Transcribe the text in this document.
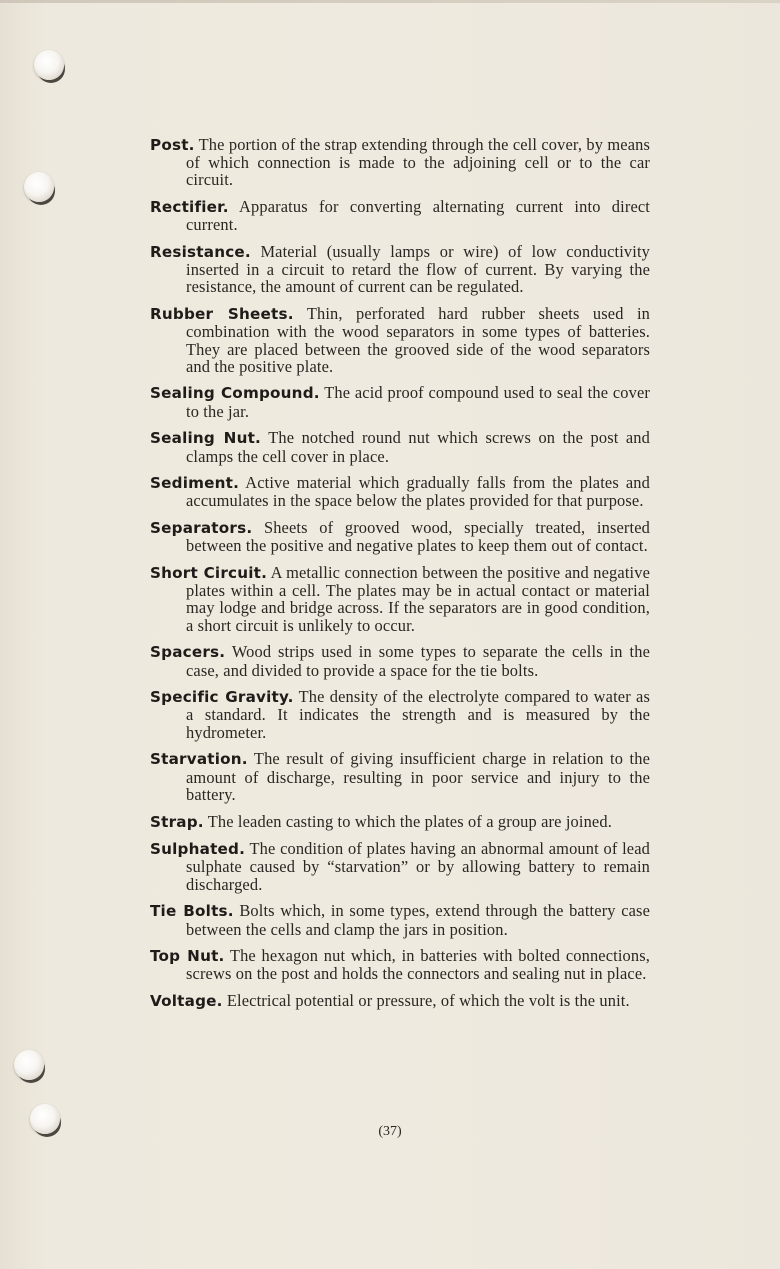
Post. The portion of the strap extending through the cell cover, by means of which connection is made to the adjoining cell or to the car circuit.

Rectifier. Apparatus for converting alternating current into direct current.

Resistance. Material (usually lamps or wire) of low conductivity inserted in a circuit to retard the flow of current. By varying the resistance, the amount of current can be regulated.

Rubber Sheets. Thin, perforated hard rubber sheets used in combination with the wood separators in some types of batteries. They are placed between the grooved side of the wood separators and the positive plate.

Sealing Compound. The acid proof compound used to seal the cover to the jar.

Sealing Nut. The notched round nut which screws on the post and clamps the cell cover in place.

Sediment. Active material which gradually falls from the plates and accumulates in the space below the plates provided for that purpose.

Separators. Sheets of grooved wood, specially treated, inserted between the positive and negative plates to keep them out of contact.

Short Circuit. A metallic connection between the positive and negative plates within a cell. The plates may be in actual contact or material may lodge and bridge across. If the separators are in good condition, a short circuit is unlikely to occur.

Spacers. Wood strips used in some types to separate the cells in the case, and divided to provide a space for the tie bolts.

Specific Gravity. The density of the electrolyte compared to water as a standard. It indicates the strength and is measured by the hydrometer.

Starvation. The result of giving insufficient charge in relation to the amount of discharge, resulting in poor service and injury to the battery.

Strap. The leaden casting to which the plates of a group are joined.

Sulphated. The condition of plates having an abnormal amount of lead sulphate caused by “starvation” or by allowing battery to remain discharged.

Tie Bolts. Bolts which, in some types, extend through the battery case between the cells and clamp the jars in position.

Top Nut. The hexagon nut which, in batteries with bolted connections, screws on the post and holds the connectors and sealing nut in place.

Voltage. Electrical potential or pressure, of which the volt is the unit.

(37)
